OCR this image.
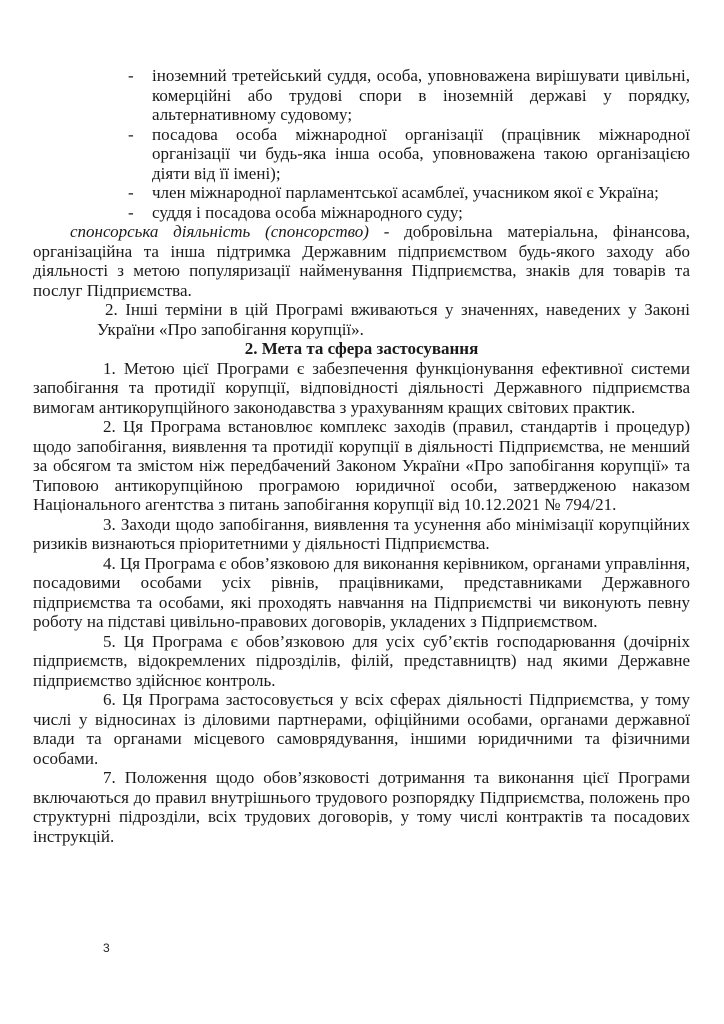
- іноземний третейський суддя, особа, уповноважена вирішувати цивільні, комерційні або трудові спори в іноземній державі у порядку, альтернативному судовому;
- посадова особа міжнародної організації (працівник міжнародної організації чи будь-яка інша особа, уповноважена такою організацією діяти від її імені);
- член міжнародної парламентської асамблеї, учасником якої є Україна;
- суддя і посадова особа міжнародного суду;

спонсорська діяльність (спонсорство) - добровільна матеріальна, фінансова, організаційна та інша підтримка Державним підприємством будь-якого заходу або діяльності з метою популяризації найменування Підприємства, знаків для товарів та послуг Підприємства.

2. Інші терміни в цій Програмі вживаються у значеннях, наведених у Законі України «Про запобігання корупції».

2. Мета та сфера застосування

1. Метою цієї Програми є забезпечення функціонування ефективної системи запобігання та протидії корупції, відповідності діяльності Державного підприємства вимогам антикорупційного законодавства з урахуванням кращих світових практик.

2. Ця Програма встановлює комплекс заходів (правил, стандартів і процедур) щодо запобігання, виявлення та протидії корупції в діяльності Підприємства, не менший за обсягом та змістом ніж передбачений Законом України «Про запобігання корупції» та Типовою антикорупційною програмою юридичної особи, затвердженою наказом Національного агентства з питань запобігання корупції від 10.12.2021 № 794/21.

3. Заходи щодо запобігання, виявлення та усунення або мінімізації корупційних ризиків визнаються пріоритетними у діяльності Підприємства.

4. Ця Програма є обов’язковою для виконання керівником, органами управління, посадовими особами усіх рівнів, працівниками, представниками Державного підприємства та особами, які проходять навчання на Підприємстві чи виконують певну роботу на підставі цивільно-правових договорів, укладених з Підприємством.

5. Ця Програма є обов’язковою для усіх суб’єктів господарювання (дочірніх підприємств, відокремлених підрозділів, філій, представництв) над якими Державне підприємство здійснює контроль.

6. Ця Програма застосовується у всіх сферах діяльності Підприємства, у тому числі у відносинах із діловими партнерами, офіційними особами, органами державної влади та органами місцевого самоврядування, іншими юридичними та фізичними особами.

7. Положення щодо обов’язковості дотримання та виконання цієї Програми включаються до правил внутрішнього трудового розпорядку Підприємства, положень про структурні підрозділи, всіх трудових договорів, у тому числі контрактів та посадових інструкцій.

3
